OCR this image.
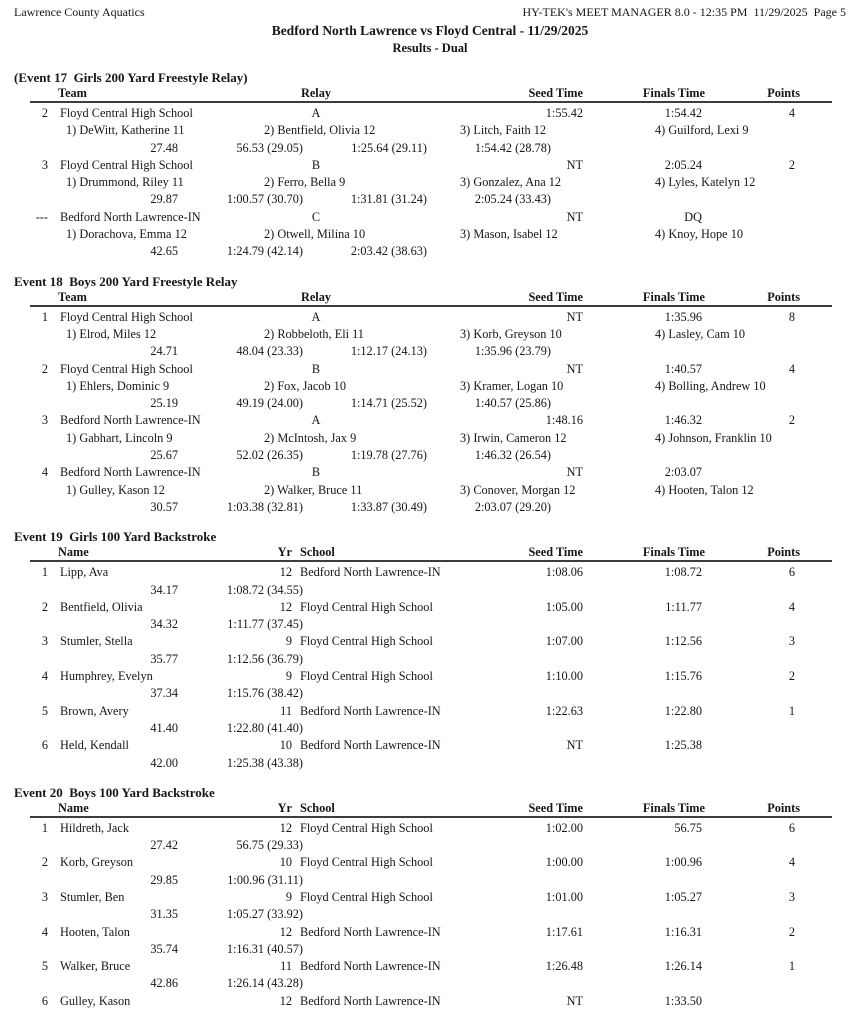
Lawrence County Aquatics	HY-TEK's MEET MANAGER 8.0 - 12:35 PM  11/29/2025  Page 5
Bedford North Lawrence vs Floyd Central - 11/29/2025
Results - Dual
(Event 17  Girls 200 Yard Freestyle Relay)
Team	Relay	Seed Time	Finals Time	Points
2 Floyd Central High School	A	1:55.42	1:54.42	4
1) DeWitt, Katherine 11	2) Bentfield, Olivia 12	3) Litch, Faith 12	4) Guilford, Lexi 9
27.48	56.53 (29.05)	1:25.64 (29.11)	1:54.42 (28.78)
3 Floyd Central High School	B	NT	2:05.24	2
1) Drummond, Riley 11	2) Ferro, Bella 9	3) Gonzalez, Ana 12	4) Lyles, Katelyn 12
29.87	1:00.57 (30.70)	1:31.81 (31.24)	2:05.24 (33.43)
--- Bedford North Lawrence-IN	C	NT	DQ
1) Dorachova, Emma 12	2) Otwell, Milina 10	3) Mason, Isabel 12	4) Knoy, Hope 10
42.65	1:24.79 (42.14)	2:03.42 (38.63)
Event 18  Boys 200 Yard Freestyle Relay
Team	Relay	Seed Time	Finals Time	Points
1 Floyd Central High School	A	NT	1:35.96	8
1) Elrod, Miles 12	2) Robbeloth, Eli 11	3) Korb, Greyson 10	4) Lasley, Cam 10
24.71	48.04 (23.33)	1:12.17 (24.13)	1:35.96 (23.79)
2 Floyd Central High School	B	NT	1:40.57	4
1) Ehlers, Dominic 9	2) Fox, Jacob 10	3) Kramer, Logan 10	4) Bolling, Andrew 10
25.19	49.19 (24.00)	1:14.71 (25.52)	1:40.57 (25.86)
3 Bedford North Lawrence-IN	A	1:48.16	1:46.32	2
1) Gabhart, Lincoln 9	2) McIntosh, Jax 9	3) Irwin, Cameron 12	4) Johnson, Franklin 10
25.67	52.02 (26.35)	1:19.78 (27.76)	1:46.32 (26.54)
4 Bedford North Lawrence-IN	B	NT	2:03.07
1) Gulley, Kason 12	2) Walker, Bruce 11	3) Conover, Morgan 12	4) Hooten, Talon 12
30.57	1:03.38 (32.81)	1:33.87 (30.49)	2:03.07 (29.20)
Event 19  Girls 100 Yard Backstroke
Name	Yr School	Seed Time	Finals Time	Points
1 Lipp, Ava	12 Bedford North Lawrence-IN	1:08.06	1:08.72	6
34.17	1:08.72 (34.55)
2 Bentfield, Olivia	12 Floyd Central High School	1:05.00	1:11.77	4
34.32	1:11.77 (37.45)
3 Stumler, Stella	9 Floyd Central High School	1:07.00	1:12.56	3
35.77	1:12.56 (36.79)
4 Humphrey, Evelyn	9 Floyd Central High School	1:10.00	1:15.76	2
37.34	1:15.76 (38.42)
5 Brown, Avery	11 Bedford North Lawrence-IN	1:22.63	1:22.80	1
41.40	1:22.80 (41.40)
6 Held, Kendall	10 Bedford North Lawrence-IN	NT	1:25.38
42.00	1:25.38 (43.38)
Event 20  Boys 100 Yard Backstroke
Name	Yr School	Seed Time	Finals Time	Points
1 Hildreth, Jack	12 Floyd Central High School	1:02.00	56.75	6
27.42	56.75 (29.33)
2 Korb, Greyson	10 Floyd Central High School	1:00.00	1:00.96	4
29.85	1:00.96 (31.11)
3 Stumler, Ben	9 Floyd Central High School	1:01.00	1:05.27	3
31.35	1:05.27 (33.92)
4 Hooten, Talon	12 Bedford North Lawrence-IN	1:17.61	1:16.31	2
35.74	1:16.31 (40.57)
5 Walker, Bruce	11 Bedford North Lawrence-IN	1:26.48	1:26.14	1
42.86	1:26.14 (43.28)
6 Gulley, Kason	12 Bedford North Lawrence-IN	NT	1:33.50
